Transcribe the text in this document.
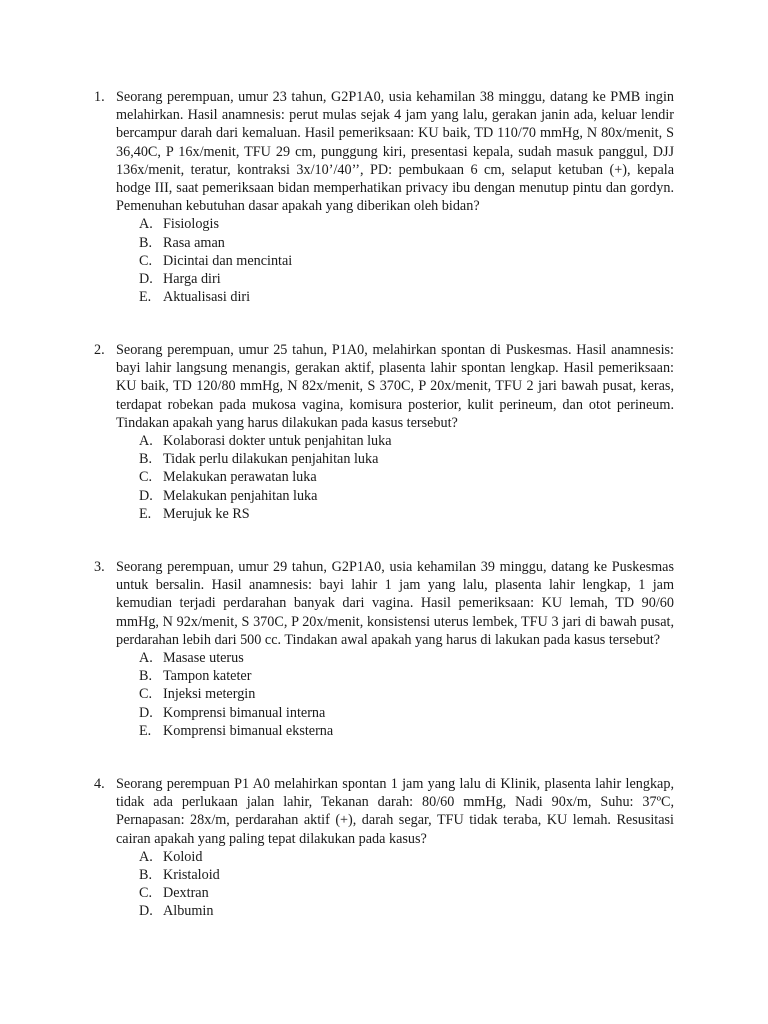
1. Seorang perempuan, umur 23 tahun, G2P1A0, usia kehamilan 38 minggu, datang ke PMB ingin melahirkan. Hasil anamnesis: perut mulas sejak 4 jam yang lalu, gerakan janin ada, keluar lendir bercampur darah dari kemaluan. Hasil pemeriksaan: KU baik, TD 110/70 mmHg, N 80x/menit, S 36,40C, P 16x/menit, TFU 29 cm, punggung kiri, presentasi kepala, sudah masuk panggul, DJJ 136x/menit, teratur, kontraksi 3x/10’/40’’, PD: pembukaan 6 cm, selaput ketuban (+), kepala hodge III, saat pemeriksaan bidan memperhatikan privacy ibu dengan menutup pintu dan gordyn. Pemenuhan kebutuhan dasar apakah yang diberikan oleh bidan?
A. Fisiologis
B. Rasa aman
C. Dicintai dan mencintai
D. Harga diri
E. Aktualisasi diri
2. Seorang perempuan, umur 25 tahun, P1A0, melahirkan spontan di Puskesmas. Hasil anamnesis: bayi lahir langsung menangis, gerakan aktif, plasenta lahir spontan lengkap. Hasil pemeriksaan: KU baik, TD 120/80 mmHg, N 82x/menit, S 370C, P 20x/menit, TFU 2 jari bawah pusat, keras, terdapat robekan pada mukosa vagina, komisura posterior, kulit perineum, dan otot perineum. Tindakan apakah yang harus dilakukan pada kasus tersebut?
A. Kolaborasi dokter untuk penjahitan luka
B. Tidak perlu dilakukan penjahitan luka
C. Melakukan perawatan luka
D. Melakukan penjahitan luka
E. Merujuk ke RS
3. Seorang perempuan, umur 29 tahun, G2P1A0, usia kehamilan 39 minggu, datang ke Puskesmas untuk bersalin. Hasil anamnesis: bayi lahir 1 jam yang lalu, plasenta lahir lengkap, 1 jam kemudian terjadi perdarahan banyak dari vagina. Hasil pemeriksaan: KU lemah, TD 90/60 mmHg, N 92x/menit, S 370C, P 20x/menit, konsistensi uterus lembek, TFU 3 jari di bawah pusat, perdarahan lebih dari 500 cc. Tindakan awal apakah yang harus di lakukan pada kasus tersebut?
A. Masase uterus
B. Tampon kateter
C. Injeksi metergin
D. Komprensi bimanual interna
E. Komprensi bimanual eksterna
4. Seorang perempuan P1 A0 melahirkan spontan 1 jam yang lalu di Klinik, plasenta lahir lengkap, tidak ada perlukaan jalan lahir, Tekanan darah: 80/60 mmHg, Nadi 90x/m, Suhu: 37ºC, Pernapasan: 28x/m, perdarahan aktif (+), darah segar, TFU tidak teraba, KU lemah. Resusitasi cairan apakah yang paling tepat dilakukan pada kasus?
A. Koloid
B. Kristaloid
C. Dextran
D. Albumin
